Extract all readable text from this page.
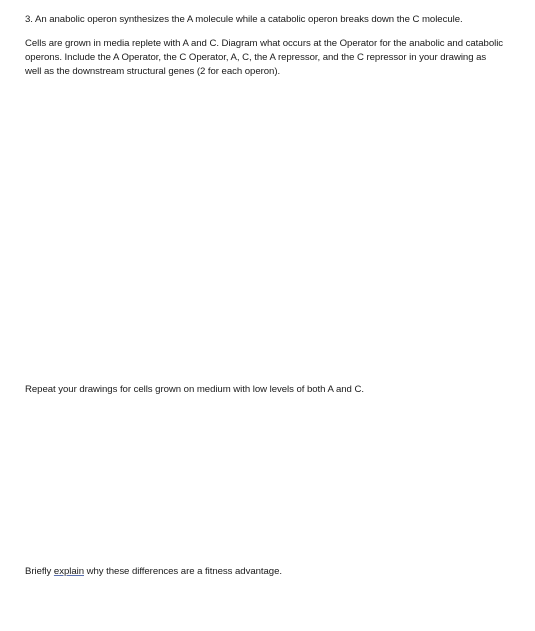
3. An anabolic operon synthesizes the A molecule while a catabolic operon breaks down the C molecule.

Cells are grown in media replete with A and C. Diagram what occurs at the Operator for the anabolic and catabolic operons. Include the A Operator, the C Operator, A, C, the A repressor, and the C repressor in your drawing as well as the downstream structural genes (2 for each operon).

Repeat your drawings for cells grown on medium with low levels of both A and C.

Briefly explain why these differences are a fitness advantage.
